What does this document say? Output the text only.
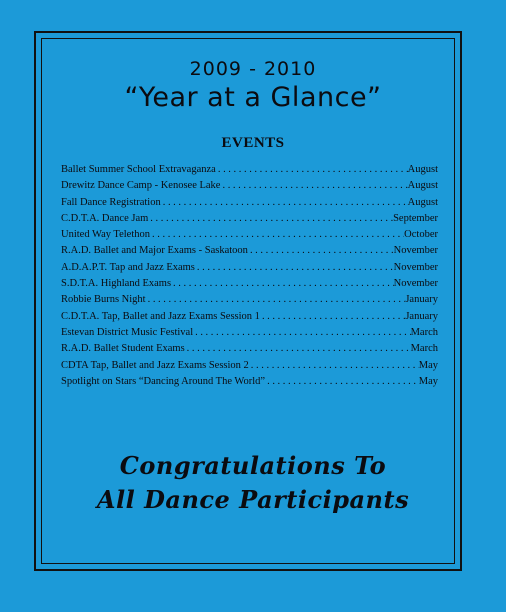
2009 - 2010
“Year at a Glance”
EVENTS
Ballet Summer School Extravaganza .....	August
Drewitz Dance Camp - Kenosee Lake .....	August
Fall Dance Registration .....	August
C.D.T.A. Dance Jam .....	September
United Way Telethon .....	October
R.A.D. Ballet and Major Exams - Saskatoon .....	November
A.D.A.P.T. Tap and Jazz Exams .....	November
S.D.T.A. Highland Exams .....	November
Robbie Burns Night .....	January
C.D.T.A. Tap, Ballet and Jazz Exams Session 1 .....	January
Estevan District Music Festival .....	March
R.A.D. Ballet Student Exams .....	March
CDTA Tap, Ballet and Jazz Exams Session 2 .....	May
Spotlight on Stars “Dancing Around The World” .....	May
Congratulations To
All Dance Participants
